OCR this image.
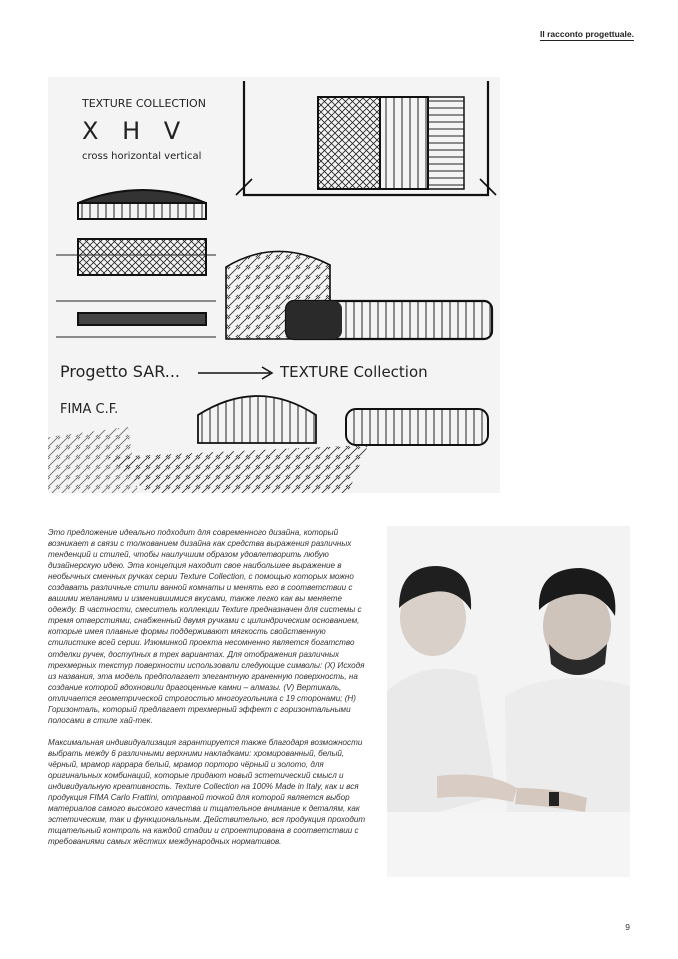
Il racconto progettuale.
TEXTURE COLLECTION
X H V
cross horizontal vertical
Progetto SAR...	TEXTURE Collection
FIMA C.F.

Это предложение идеально подходит для современного дизайна, который возникает в связи с толкованием дизайна как средства выражения различных тенденций и стилей, чтобы наилучшим образом удовлетворить любую дизайнерскую идею. Эта концепция находит свое наибольшее выражение в необычных сменных ручках серии Texture Collection, с помощью которых можно создавать различные стили ванной комнаты и менять его в соответствии с вашими желаниями и изменившимися вкусами, также легко как вы меняете одежду. В частности, смеситель коллекции Texture предназначен для системы с тремя отверстиями, снабженный двумя ручками с цилиндрическим основанием, которые имея плавные формы поддерживают мягкость свойственную стилистике всей серии. Изюминкой проекта несомненно является богатство отделки ручек, доступных в трех вариантах. Для отображения различных трехмерных текстур поверхности использовали следующие символы: (X) Исходя из названия, эта модель предполагает элегантную граненную поверхность, на создание которой вдохновили драгоценные камни – алмазы. (V) Вертикаль, отличается геометрической строгостью многоугольника с 19 сторонами; (H) Горизонталь, который предлагает трехмерный эффект с горизонтальными полосами в стиле хай-тек.

Максимальная индивидуализация гарантируется также благодаря возможности выбрать между 6 различными верхними накладками: хромированный, белый, чёрный, мрамор каррара белый, мрамор порторо чёрный и золото, для оригинальных комбинаций, которые придают новый эстетический смысл и индивидуальную креативность. Texture Collection на 100% Made in Italy, как и вся продукция FIMA Carlo Frattini, отправной точкой для которой является выбор материалов самого высокого качества и тщательное внимание к деталям, как эстетическим, так и функциональным. Действительно, вся продукция проходит тщательный контроль на каждой стадии и спроектирована в соответствии с требованиями самых жёстких международных нормативов.

9
